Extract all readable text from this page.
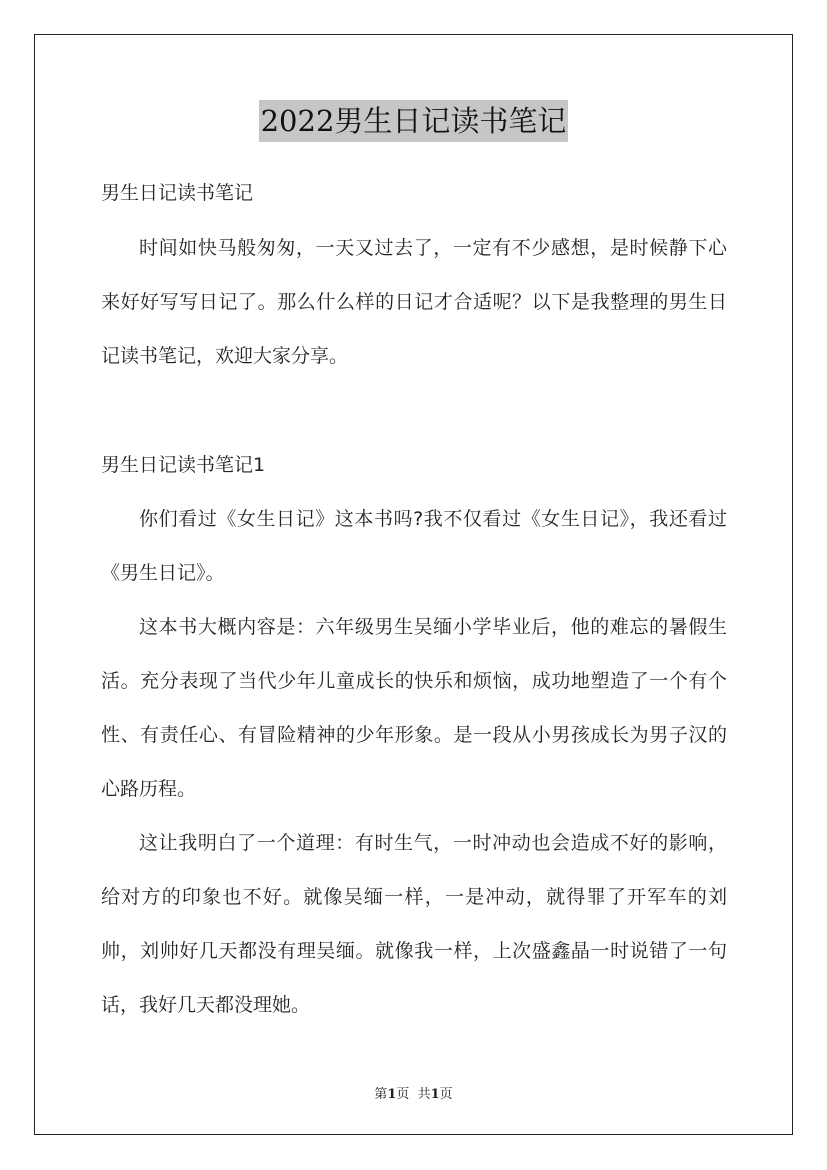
2022男生日记读书笔记
男生日记读书笔记

时间如快马般匆匆，一天又过去了，一定有不少感想，是时候静下心来好好写写日记了。那么什么样的日记才合适呢？以下是我整理的男生日记读书笔记，欢迎大家分享。

男生日记读书笔记1

你们看过《女生日记》这本书吗?我不仅看过《女生日记》，我还看过《男生日记》。

这本书大概内容是：六年级男生吴缅小学毕业后，他的难忘的暑假生活。充分表现了当代少年儿童成长的快乐和烦恼，成功地塑造了一个有个性、有责任心、有冒险精神的少年形象。是一段从小男孩成长为男子汉的心路历程。

这让我明白了一个道理：有时生气，一时冲动也会造成不好的影响，给对方的印象也不好。就像吴缅一样，一是冲动，就得罪了开军车的刘帅，刘帅好几天都没有理吴缅。就像我一样，上次盛鑫晶一时说错了一句话，我好几天都没理她。

第1页  共1页
